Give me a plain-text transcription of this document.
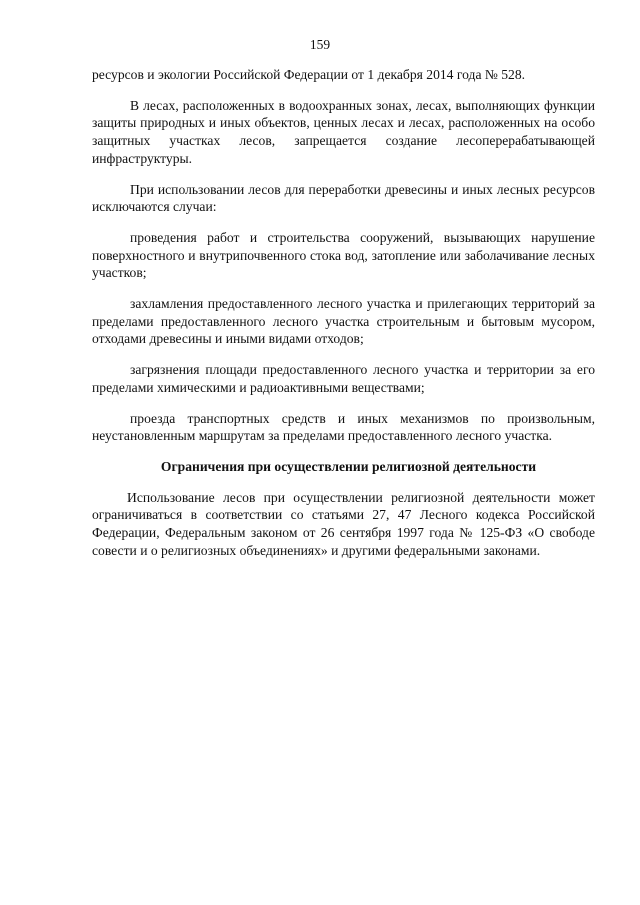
159

ресурсов и экологии Российской Федерации от 1 декабря 2014 года № 528.

В лесах, расположенных в водоохранных зонах, лесах, выполняющих функции защиты природных и иных объектов, ценных лесах и лесах, расположенных на особо защитных участках лесов, запрещается создание лесоперерабатывающей инфраструктуры.

При использовании лесов для переработки древесины и иных лесных ресурсов исключаются случаи:

проведения работ и строительства сооружений, вызывающих нарушение поверхностного и внутрипочвенного стока вод, затопление или заболачивание лесных участков;

захламления предоставленного лесного участка и прилегающих территорий за пределами предоставленного лесного участка строительным и бытовым мусором, отходами древесины и иными видами отходов;

загрязнения площади предоставленного лесного участка и территории за его пределами химическими и радиоактивными веществами;

проезда транспортных средств и иных механизмов по произвольным, неустановленным маршрутам за пределами предоставленного лесного участка.

Ограничения при осуществлении религиозной деятельности

Использование лесов при осуществлении религиозной деятельности может ограничиваться в соответствии со статьями 27, 47 Лесного кодекса Российской Федерации, Федеральным законом от 26 сентября 1997 года № 125-ФЗ «О свободе совести и о религиозных объединениях» и другими федеральными законами.
